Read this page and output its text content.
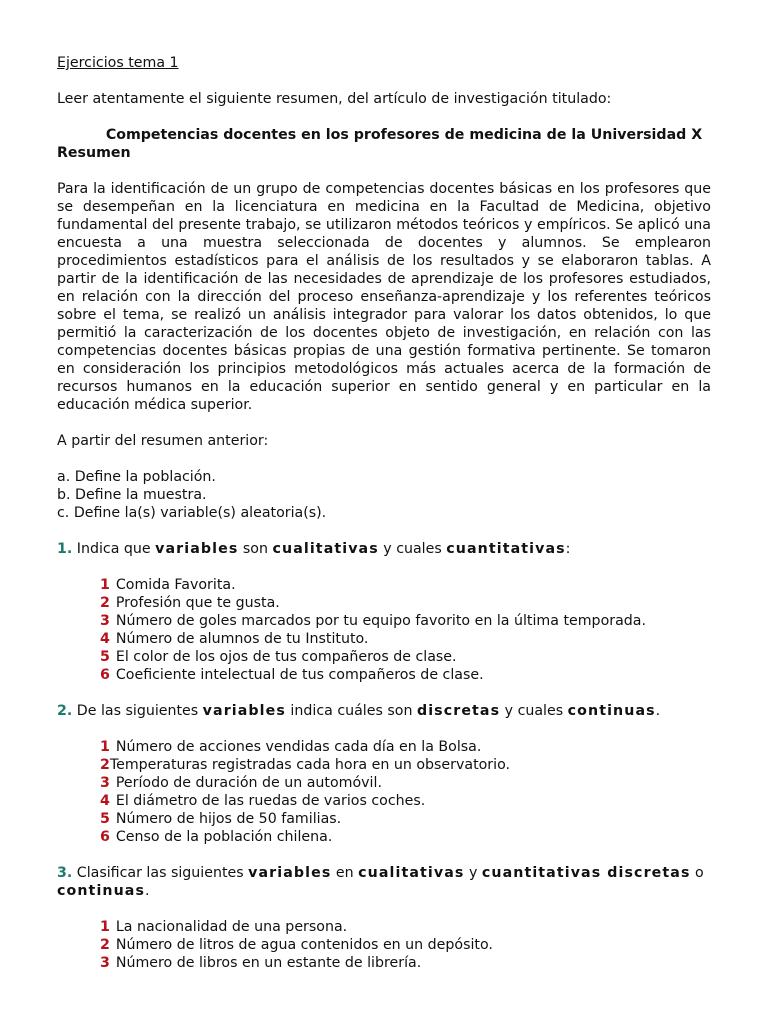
Ejercicios tema 1

Leer atentamente el siguiente resumen, del artículo de investigación titulado:

Competencias docentes en los profesores de medicina de la Universidad X

Resumen

Para la identificación de un grupo de competencias docentes básicas en los profesores que se desempeñan en la licenciatura en medicina en la Facultad de Medicina, objetivo fundamental del presente trabajo, se utilizaron métodos teóricos y empíricos. Se aplicó una encuesta a una muestra seleccionada de docentes y alumnos. Se emplearon procedimientos estadísticos para el análisis de los resultados y se elaboraron tablas. A partir de la identificación de las necesidades de aprendizaje de los profesores estudiados, en relación con la dirección del proceso enseñanza-aprendizaje y los referentes teóricos sobre el tema, se realizó un análisis integrador para valorar los datos obtenidos, lo que permitió la caracterización de los docentes objeto de investigación, en relación con las competencias docentes básicas propias de una gestión formativa pertinente. Se tomaron en consideración los principios metodológicos más actuales acerca de la formación de recursos humanos en la educación superior en sentido general y en particular en la educación médica superior.

A partir del resumen anterior:

a. Define la población.
b. Define la muestra.
c. Define la(s) variable(s) aleatoria(s).

1. Indica que variables son cualitativas y cuales cuantitativas:

1 Comida Favorita.
2 Profesión que te gusta.
3 Número de goles marcados por tu equipo favorito en la última temporada.
4 Número de alumnos de tu Instituto.
5 El color de los ojos de tus compañeros de clase.
6 Coeficiente intelectual de tus compañeros de clase.

2. De las siguientes variables indica cuáles son discretas y cuales continuas.

1 Número de acciones vendidas cada día en la Bolsa.
2Temperaturas registradas cada hora en un observatorio.
3 Período de duración de un automóvil.
4 El diámetro de las ruedas de varios coches.
5 Número de hijos de 50 familias.
6 Censo de la población chilena.

3. Clasificar las siguientes variables en cualitativas y cuantitativas discretas o
continuas.

1 La nacionalidad de una persona.
2 Número de litros de agua contenidos en un depósito.
3 Número de libros en un estante de librería.
